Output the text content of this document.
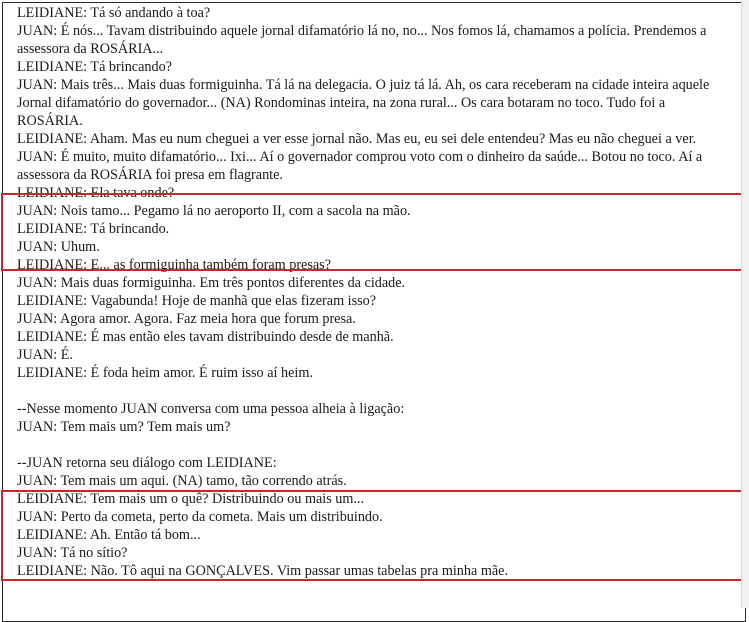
LEIDIANE: Tá só andando à toa?

JUAN: É nós... Tavam distribuindo aquele jornal difamatório lá no, no... Nos fomos lá, chamamos a polícia. Prendemos a assessora da ROSÁRIA...

LEIDIANE: Tá brincando?

JUAN: Mais três... Mais duas formiguinha. Tá lá na delegacia. O juiz tá lá. Ah, os cara receberam na cidade inteira aquele Jornal difamatório do governador... (NA) Rondominas inteira, na zona rural... Os cara botaram no toco. Tudo foi a ROSÁRIA.

LEIDIANE: Aham. Mas eu num cheguei a ver esse jornal não. Mas eu, eu sei dele entendeu? Mas eu não cheguei a ver.

JUAN: É muito, muito difamatório... Ixi... Aí o governador comprou voto com o dinheiro da saúde... Botou no toco. Aí a assessora da ROSÁRIA foi presa em flagrante.

LEIDIANE: Ela tava onde?

JUAN: Nois tamo... Pegamo lá no aeroporto II, com a sacola na mão.

LEIDIANE: Tá brincando.

JUAN: Uhum.

LEIDIANE: E... as formiguinha também foram presas?

JUAN: Mais duas formiguinha. Em três pontos diferentes da cidade.

LEIDIANE: Vagabunda! Hoje de manhã que elas fizeram isso?

JUAN: Agora amor. Agora. Faz meia hora que forum presa.

LEIDIANE: É mas então eles tavam distribuindo desde de manhã.

JUAN: É.

LEIDIANE: É foda heim amor. É ruim isso aí heim.

--Nesse momento JUAN conversa com uma pessoa alheia à ligação:

JUAN: Tem mais um? Tem mais um?

--JUAN retorna seu diálogo com LEIDIANE:

JUAN: Tem mais um aqui. (NA) tamo, tão correndo atrás.

LEIDIANE: Tem mais um o quê? Distribuindo ou mais um...

JUAN: Perto da cometa, perto da cometa. Mais um distribuindo.

LEIDIANE: Ah. Então tá bom...

JUAN: Tá no sítio?

LEIDIANE: Não. Tô aqui na GONÇALVES. Vim passar umas tabelas pra minha mãe.
